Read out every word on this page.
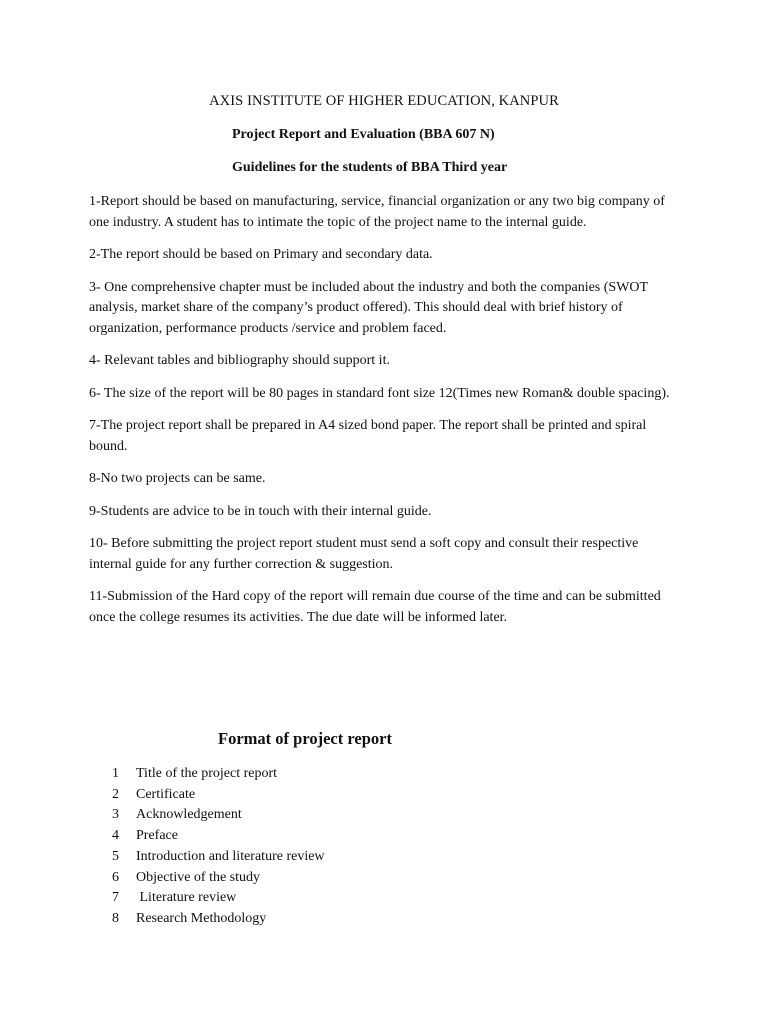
AXIS INSTITUTE OF HIGHER EDUCATION, KANPUR
Project Report and Evaluation (BBA 607 N)
Guidelines for the students of BBA Third year

1-Report should be based on manufacturing, service, financial organization or any two big company of one industry. A student has to intimate the topic of the project name to the internal guide.

2-The report should be based on Primary and secondary data.

3- One comprehensive chapter must be included about the industry and both the companies (SWOT analysis, market share of the company’s product offered). This should deal with brief history of organization, performance products /service and problem faced.

4- Relevant tables and bibliography should support it.

6- The size of the report will be 80 pages in standard font size 12(Times new Roman& double spacing).

7-The project report shall be prepared in A4 sized bond paper. The report shall be printed and spiral bound.

8-No two projects can be same.

9-Students are advice to be in touch with their internal guide.

10- Before submitting the project report student must send a soft copy and consult their respective internal guide for any further correction & suggestion.

11-Submission of the Hard copy of the report will remain due course of the time and can be submitted once the college resumes its activities. The due date will be informed later.

Format of project report
1	Title of the project report
2	Certificate
3	Acknowledgement
4	Preface
5	Introduction and literature review
6	Objective of the study
7	Literature review
8	Research Methodology
